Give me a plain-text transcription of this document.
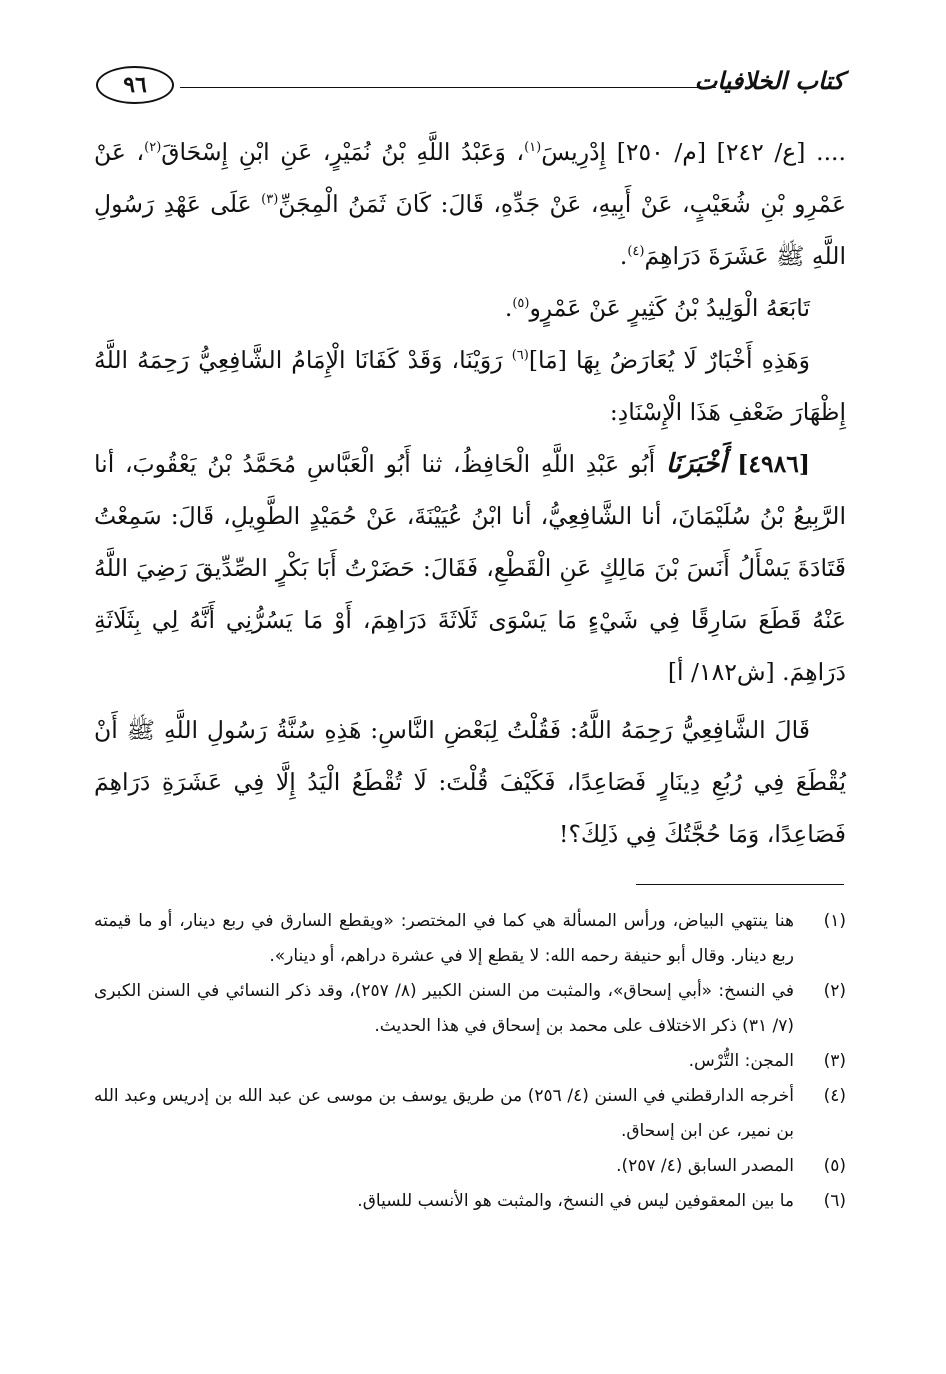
كتاب الخلافيات
٩٦

.... [ع/ ٢٤٢] [م/ ٢٥٠] إِدْرِيسَ$^{(١)}$، وَعَبْدُ اللَّهِ بْنُ نُمَيْرٍ، عَنِ ابْنِ إِسْحَاقَ$^{(٢)}$، عَنْ عَمْرِو بْنِ شُعَيْبٍ، عَنْ أَبِيهِ، عَنْ جَدِّهِ، قَالَ: كَانَ ثَمَنُ الْمِجَنِّ$^{(٣)}$ عَلَى عَهْدِ رَسُولِ اللَّهِ ﷺ عَشَرَةَ دَرَاهِمَ$^{(٤)}$.

تَابَعَهُ الْوَلِيدُ بْنُ كَثِيرٍ عَنْ عَمْرٍو$^{(٥)}$.

وَهَذِهِ أَخْبَارٌ لَا يُعَارَضُ بِهَا [مَا]$^{(٦)}$ رَوَيْنَا، وَقَدْ كَفَانَا الْإِمَامُ الشَّافِعِيُّ رَحِمَهُ اللَّهُ إِظْهَارَ ضَعْفِ هَذَا الْإِسْنَادِ:

[٤٩٨٦] أَخْبَرَنَا أَبُو عَبْدِ اللَّهِ الْحَافِظُ، ثنا أَبُو الْعَبَّاسِ مُحَمَّدُ بْنُ يَعْقُوبَ، أنا الرَّبِيعُ بْنُ سُلَيْمَانَ، أنا الشَّافِعِيُّ، أنا ابْنُ عُيَيْنَةَ، عَنْ حُمَيْدٍ الطَّوِيلِ، قَالَ: سَمِعْتُ قَتَادَةَ يَسْأَلُ أَنَسَ بْنَ مَالِكٍ عَنِ الْقَطْعِ، فَقَالَ: حَضَرْتُ أَبَا بَكْرٍ الصِّدِّيقَ رَضِيَ اللَّهُ عَنْهُ قَطَعَ سَارِقًا فِي شَيْءٍ مَا يَسْوَى ثَلَاثَةَ دَرَاهِمَ، أَوْ مَا يَسُرُّنِي أَنَّهُ لِي بِثَلَاثَةِ دَرَاهِمَ. [ش١٨٢/ أ]

قَالَ الشَّافِعِيُّ رَحِمَهُ اللَّهُ: فَقُلْتُ لِبَعْضِ النَّاسِ: هَذِهِ سُنَّةُ رَسُولِ اللَّهِ ﷺ أَنْ يُقْطَعَ فِي رُبُعِ دِينَارٍ فَصَاعِدًا، فَكَيْفَ قُلْتَ: لَا تُقْطَعُ الْيَدُ إِلَّا فِي عَشَرَةِ دَرَاهِمَ فَصَاعِدًا، وَمَا حُجَّتُكَ فِي ذَلِكَ؟!

(١)
هنا ينتهي البياض، ورأس المسألة هي كما في المختصر: «ويقطع السارق في ربع دينار، أو ما قيمته ربع دينار. وقال أبو حنيفة رحمه الله: لا يقطع إلا في عشرة دراهم، أو دينار».
(٢)
في النسخ: «أبي إسحاق»، والمثبت من السنن الكبير (٨/ ٢٥٧)، وقد ذكر النسائي في السنن الكبرى (٧/ ٣١) ذكر الاختلاف على محمد بن إسحاق في هذا الحديث.
(٣)
المجن: التُّرْس.
(٤)
أخرجه الدارقطني في السنن (٤/ ٢٥٦) من طريق يوسف بن موسى عن عبد الله بن إدريس وعبد الله بن نمير، عن ابن إسحاق.
(٥)
المصدر السابق (٤/ ٢٥٧).
(٦)
ما بين المعقوفين ليس في النسخ، والمثبت هو الأنسب للسياق.
